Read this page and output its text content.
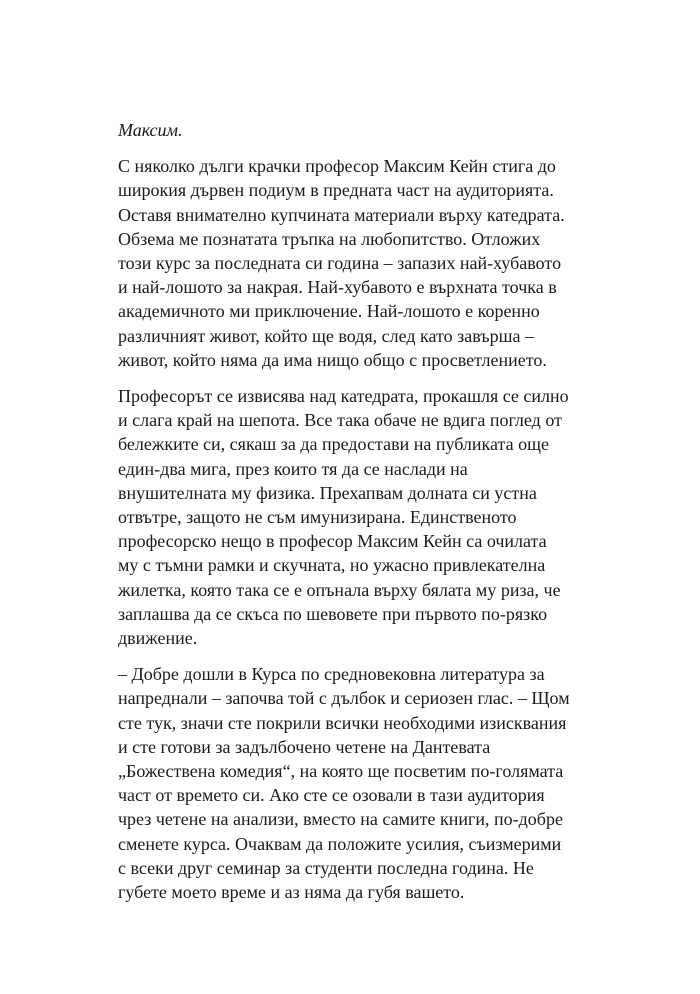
Максим.

С няколко дълги крачки професор Максим Кейн стига до
широкия дървен подиум в предната част на аудиторията.
Оставя внимателно купчината материали върху катедрата.
Обзема ме познатата тръпка на любопитство. Отложих
този курс за последната си година – запазих най-хубавото
и най-лошото за накрая. Най-хубавото е върхната точка в
академичното ми приключение. Най-лошото е коренно
различният живот, който ще водя, след като завърша –
живот, който няма да има нищо общо с просветлението.
Професорът се извисява над катедрата, прокашля се силно
и слага край на шепота. Все така обаче не вдига поглед от
бележките си, сякаш за да предостави на публиката още
един-два мига, през които тя да се наслади на
внушителната му физика. Прехапвам долната си устна
отвътре, защото не съм имунизирана. Единственото
професорско нещо в професор Максим Кейн са очилата
му с тъмни рамки и скучната, но ужасно привлекателна
жилетка, която така се е опънала върху бялата му риза, че
заплашва да се скъса по шевовете при първото по-рязко
движение.
– Добре дошли в Курса по средновековна литература за
напреднали – започва той с дълбок и сериозен глас. – Щом
сте тук, значи сте покрили всички необходими изисквания
и сте готови за задълбочено четене на Дантевата
„Божествена комедия“, на която ще посветим по-голямата
част от времето си. Ако сте се озовали в тази аудитория
чрез четене на анализи, вместо на самите книги, по-добре
сменете курса. Очаквам да положите усилия, съизмерими
с всеки друг семинар за студенти последна година. Не
губете моето време и аз няма да губя вашето.
